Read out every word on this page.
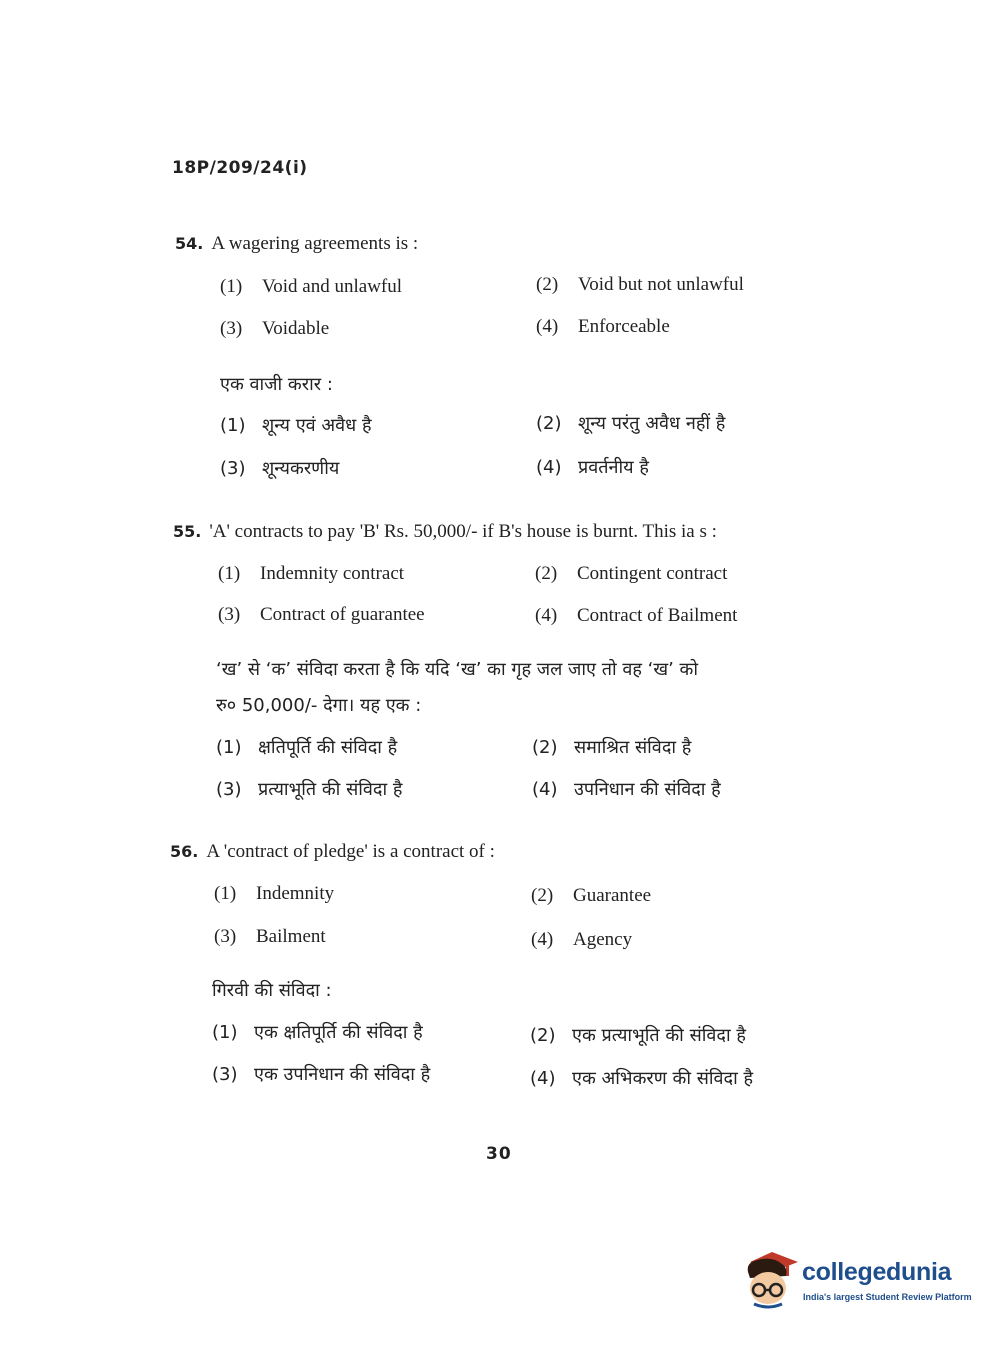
18P/209/24(i)
54. A wagering agreements is :
(1) Void and unlawful	(2) Void but not unlawful
(3) Voidable	(4) Enforceable
एक वाजी करार :
(1) शून्य एवं अवैध है	(2) शून्य परंतु अवैध नहीं है
(3) शून्यकरणीय	(4) प्रवर्तनीय है
55. 'A' contracts to pay 'B' Rs. 50,000/- if B's house is burnt. This ia s :
(1) Indemnity contract	(2) Contingent contract
(3) Contract of guarantee	(4) Contract of Bailment
‘ख’ से ‘क’ संविदा करता है कि यदि ‘ख’ का गृह जल जाए तो वह ‘ख’ को
रु० 50,000/- देगा। यह एक :
(1) क्षतिपूर्ति की संविदा है	(2) समाश्रित संविदा है
(3) प्रत्याभूति की संविदा है	(4) उपनिधान की संविदा है
56. A 'contract of pledge' is a contract of :
(1) Indemnity	(2) Guarantee
(3) Bailment	(4) Agency
गिरवी की संविदा :
(1) एक क्षतिपूर्ति की संविदा है	(2) एक प्रत्याभूति की संविदा है
(3) एक उपनिधान की संविदा है	(4) एक अभिकरण की संविदा है
30
collegedunia
India's largest Student Review Platform
